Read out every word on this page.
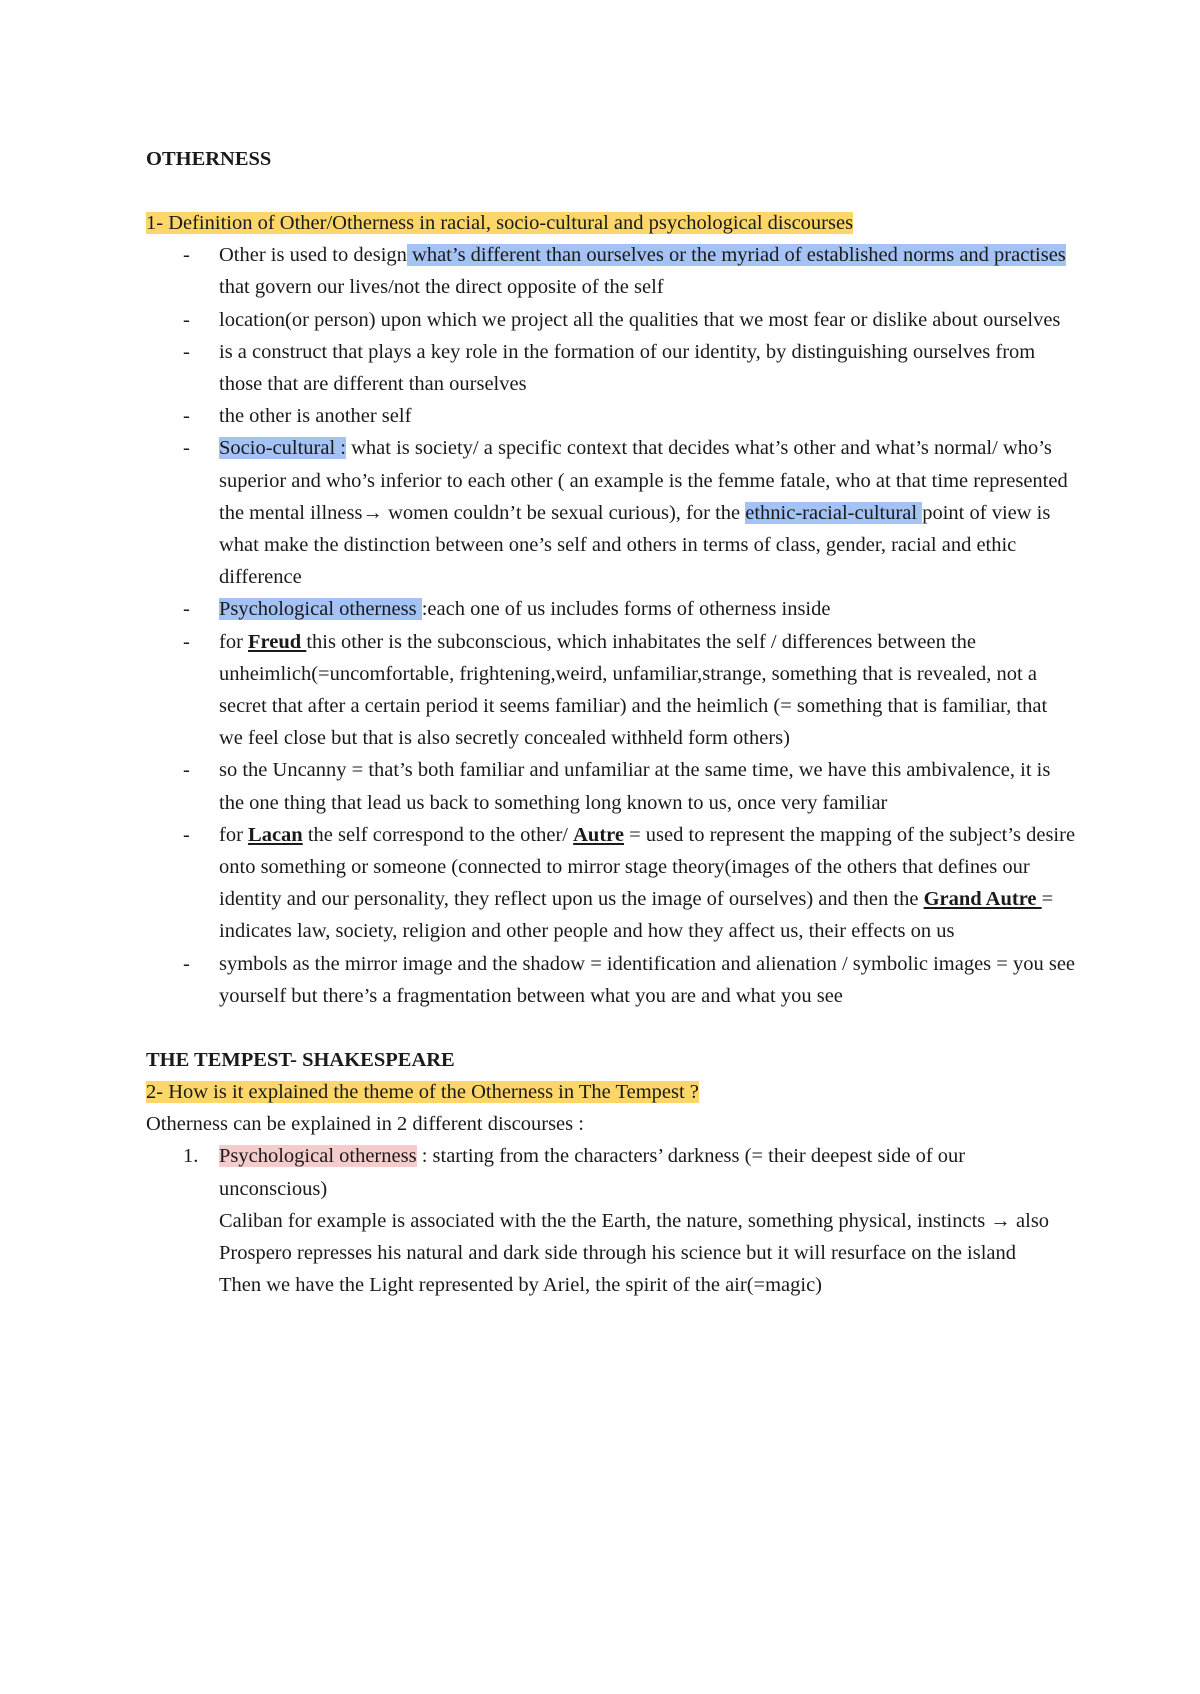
OTHERNESS

1- Definition of Other/Otherness in racial, socio-cultural and psychological discourses

- Other is used to design what’s different than ourselves or the myriad of established norms and practises that govern our lives/not the direct opposite of the self
- location(or person) upon which we project all the qualities that we most fear or dislike about ourselves
- is a construct that plays a key role in the formation of our identity, by distinguishing ourselves from those that are different than ourselves
- the other is another self
- Socio-cultural : what is society/ a specific context that decides what’s other and what’s normal/ who’s superior and who’s inferior to each other ( an example is the femme fatale, who at that time represented the mental illness→ women couldn’t be sexual curious), for the ethnic-racial-cultural point of view is what make the distinction between one’s self and others in terms of class, gender, racial and ethic difference
- Psychological otherness :each one of us includes forms of otherness inside
- for Freud this other is the subconscious, which inhabitates the self / differences between the unheimlich(=uncomfortable, frightening,weird, unfamiliar,strange, something that is revealed, not a secret that after a certain period it seems familiar) and the heimlich (= something that is familiar, that we feel close but that is also secretly concealed withheld form others)
- so the Uncanny = that’s both familiar and unfamiliar at the same time, we have this ambivalence, it is the one thing that lead us back to something long known to us, once very familiar
- for Lacan the self correspond to the other/ Autre = used to represent the mapping of the subject’s desire onto something or someone (connected to mirror stage theory(images of the others that defines our identity and our personality, they reflect upon us the image of ourselves) and then the Grand Autre = indicates law, society, religion and other people and how they affect us, their effects on us
- symbols as the mirror image and the shadow = identification and alienation / symbolic images = you see yourself but there’s a fragmentation between what you are and what you see

THE TEMPEST- SHAKESPEARE

2- How is it explained the theme of the Otherness in The Tempest ?

Otherness can be explained in 2 different discourses :

1. Psychological otherness : starting from the characters’ darkness (= their deepest side of our unconscious)

Caliban for example is associated with the the Earth, the nature, something physical, instincts → also Prospero represses his natural and dark side through his science but it will resurface on the island

Then we have the Light represented by Ariel, the spirit of the air(=magic)
